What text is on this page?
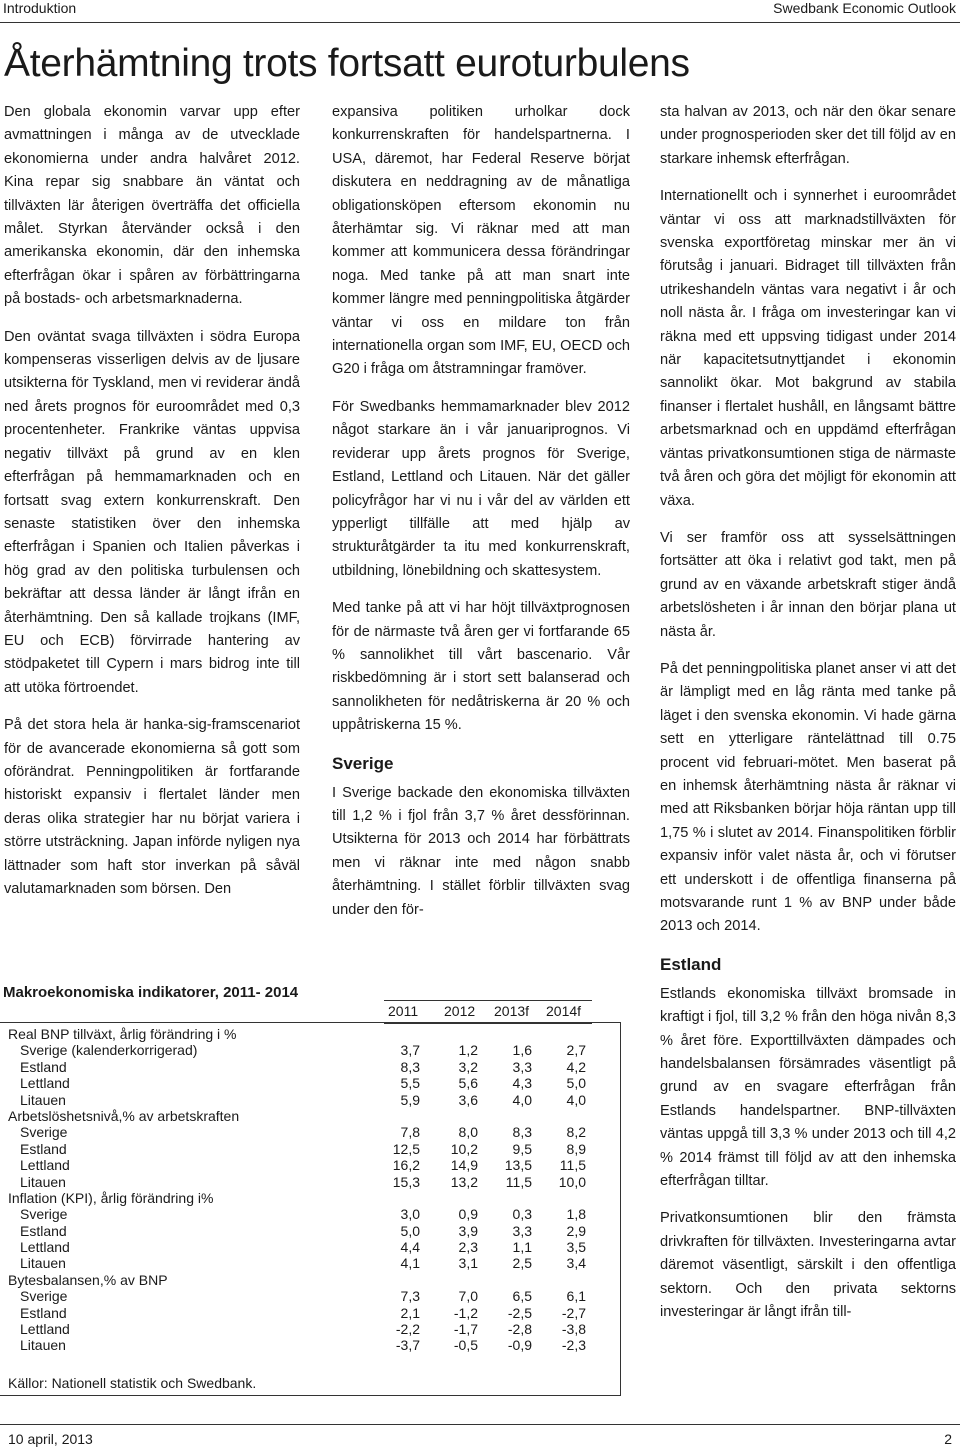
Introduktion	Swedbank Economic Outlook
Återhämtning trots fortsatt euroturbulens

Den globala ekonomin varvar upp efter avmattningen i många av de utvecklade ekonomierna under andra halvåret 2012. Kina repar sig snabbare än väntat och tillväxten lär återigen överträffa det officiella målet. Styrkan återvänder också i den amerikanska ekonomin, där den inhemska efterfrågan ökar i spåren av förbättringarna på bostads- och arbetsmarknaderna.

Den oväntat svaga tillväxten i södra Europa kompenseras visserligen delvis av de ljusare utsikterna för Tyskland, men vi reviderar ändå ned årets prognos för euroområdet med 0,3 procentenheter. Frankrike väntas uppvisa negativ tillväxt på grund av en klen efterfrågan på hemmamarknaden och en fortsatt svag extern konkurrenskraft. Den senaste statistiken över den inhemska efterfrågan i Spanien och Italien påverkas i hög grad av den politiska turbulensen och bekräftar att dessa länder är långt ifrån en återhämtning. Den så kallade trojkans (IMF, EU och ECB) förvirrade hantering av stödpaketet till Cypern i mars bidrog inte till att utöka förtroendet.

På det stora hela är hanka-sig-framscenariot för de avancerade ekonomierna så gott som oförändrat. Penningpolitiken är fortfarande historiskt expansiv i flertalet länder men deras olika strategier har nu börjat variera i större utsträckning. Japan införde nyligen nya lättnader som haft stor inverkan på såväl valutamarknaden som börsen. Den

expansiva politiken urholkar dock konkurrenskraften för handelspartnerna. I USA, däremot, har Federal Reserve börjat diskutera en neddragning av de månatliga obligationsköpen eftersom ekonomin nu återhämtar sig. Vi räknar med att man kommer att kommunicera dessa förändringar noga. Med tanke på att man snart inte kommer längre med penningpolitiska åtgärder väntar vi oss en mildare ton från internationella organ som IMF, EU, OECD och G20 i fråga om åtstramningar framöver.

För Swedbanks hemmamarknader blev 2012 något starkare än i vår januariprognos. Vi reviderar upp årets prognos för Sverige, Estland, Lettland och Litauen. När det gäller policyfrågor har vi nu i vår del av världen ett ypperligt tillfälle att med hjälp av strukturåtgärder ta itu med konkurrenskraft, utbildning, lönebildning och skattesystem.

Med tanke på att vi har höjt tillväxtprognosen för de närmaste två åren ger vi fortfarande 65 % sannolikhet till vårt bascenario. Vår riskbedömning är i stort sett balanserad och sannolikheten för nedåtriskerna är 20 % och uppåtriskerna 15 %.

Sverige

I Sverige backade den ekonomiska tillväxten till 1,2 % i fjol från 3,7 % året dessförinnan. Utsikterna för 2013 och 2014 har förbättrats men vi räknar inte med någon snabb återhämtning. I stället förblir tillväxten svag under den för-

sta halvan av 2013, och när den ökar senare under prognosperioden sker det till följd av en starkare inhemsk efterfrågan.

Internationellt och i synnerhet i euroområdet väntar vi oss att marknadstillväxten för svenska exportföretag minskar mer än vi förutsåg i januari. Bidraget till tillväxten från utrikeshandeln väntas vara negativt i år och noll nästa år. I fråga om investeringar kan vi räkna med ett uppsving tidigast under 2014 när kapacitetsutnyttjandet i ekonomin sannolikt ökar. Mot bakgrund av stabila finanser i flertalet hushåll, en långsamt bättre arbetsmarknad och en uppdämd efterfrågan väntas privatkonsumtionen stiga de närmaste två åren och göra det möjligt för ekonomin att växa.

Vi ser framför oss att sysselsättningen fortsätter att öka i relativt god takt, men på grund av en växande arbetskraft stiger ändå arbetslösheten i år innan den börjar plana ut nästa år.

På det penningpolitiska planet anser vi att det är lämpligt med en låg ränta med tanke på läget i den svenska ekonomin. Vi hade gärna sett en ytterligare räntelättnad till 0.75 procent vid februari-mötet. Men baserat på en inhemsk återhämtning nästa år räknar vi med att Riksbanken börjar höja räntan upp till 1,75 % i slutet av 2014. Finanspolitiken förblir expansiv inför valet nästa år, och vi förutser ett underskott i de offentliga finanserna på motsvarande runt 1 % av BNP under både 2013 och 2014.

Estland

Estlands ekonomiska tillväxt bromsade in kraftigt i fjol, till 3,2 % från den höga nivån 8,3 % året före. Exporttillväxten dämpades och handelsbalansen försämrades väsentligt på grund av en svagare efterfrågan från Estlands handelspartner. BNP-tillväxten väntas uppgå till 3,3 % under 2013 och till 4,2 % 2014 främst till följd av att den inhemska efterfrågan tilltar.

Privatkonsumtionen blir den främsta drivkraften för tillväxten. Investeringarna avtar däremot väsentligt, särskilt i den offentliga sektorn. Och den privata sektorns investeringar är långt ifrån till-

Makroekonomiska indikatorer, 2011- 2014
2011 2012 2013f 2014f
Real BNP tillväxt, årlig förändring i %
Sverige (kalenderkorrigerad)	3,7	1,2	1,6	2,7
Estland	8,3	3,2	3,3	4,2
Lettland	5,5	5,6	4,3	5,0
Litauen	5,9	3,6	4,0	4,0
Arbetslöshetsnivå,% av arbetskraften
Sverige	7,8	8,0	8,3	8,2
Estland	12,5	10,2	9,5	8,9
Lettland	16,2	14,9	13,5	11,5
Litauen	15,3	13,2	11,5	10,0
Inflation (KPI), årlig förändring i%
Sverige	3,0	0,9	0,3	1,8
Estland	5,0	3,9	3,3	2,9
Lettland	4,4	2,3	1,1	3,5
Litauen	4,1	3,1	2,5	3,4
Bytesbalansen,% av BNP
Sverige	7,3	7,0	6,5	6,1
Estland	2,1	-1,2	-2,5	-2,7
Lettland	-2,2	-1,7	-2,8	-3,8
Litauen	-3,7	-0,5	-0,9	-2,3
Källor: Nationell statistik och Swedbank.
10 april, 2013	2
